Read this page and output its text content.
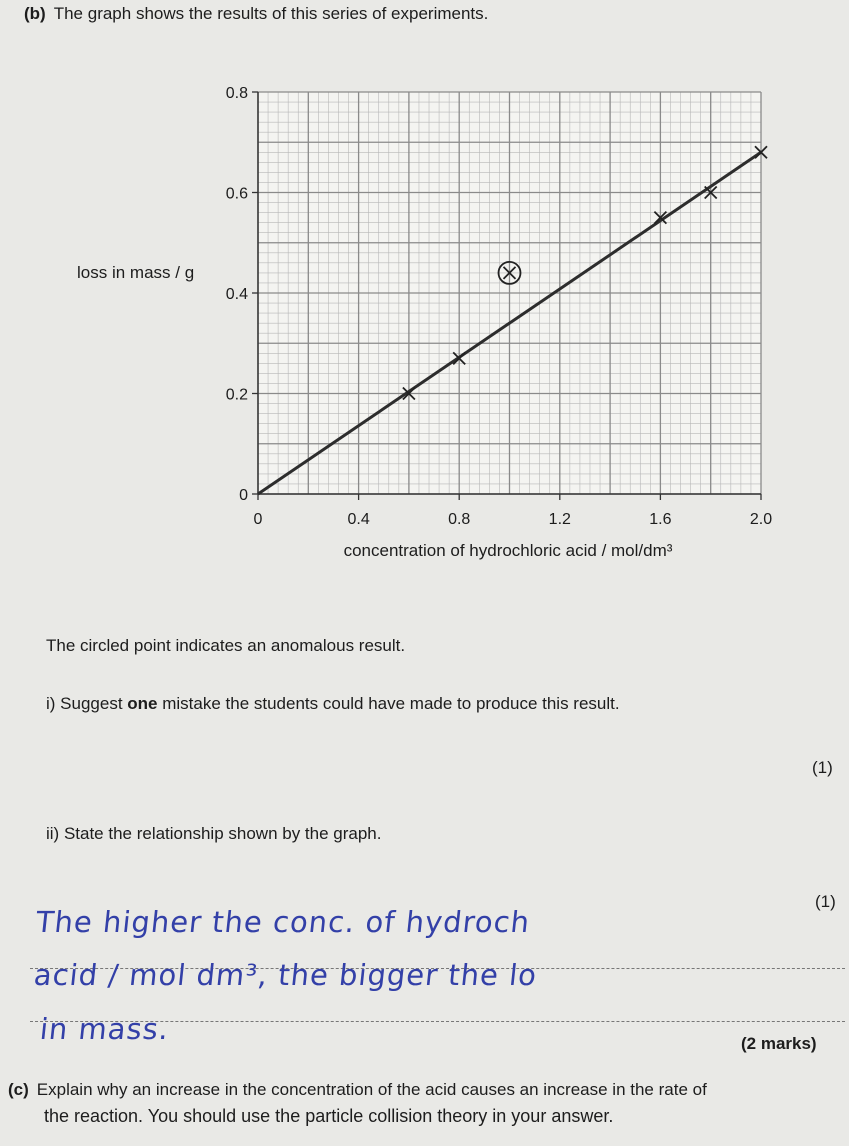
(b) The graph shows the results of this series of experiments.
0	0.4	0.8	1.2	1.6	2.0
0
0.2
0.4
0.6
0.8
loss in mass / g
concentration of hydrochloric acid / mol/dm³
The circled point indicates an anomalous result.
i) Suggest one mistake the students could have made to produce this result.
(1)
ii) State the relationship shown by the graph.
(1)
The higher the conc. of hydroch
acid / mol dm³, the bigger the lo
in mass.	(2 marks)
(c) Explain why an increase in the concentration of the acid causes an increase in the rate of
the reaction. You should use the particle collision theory in your answer.
